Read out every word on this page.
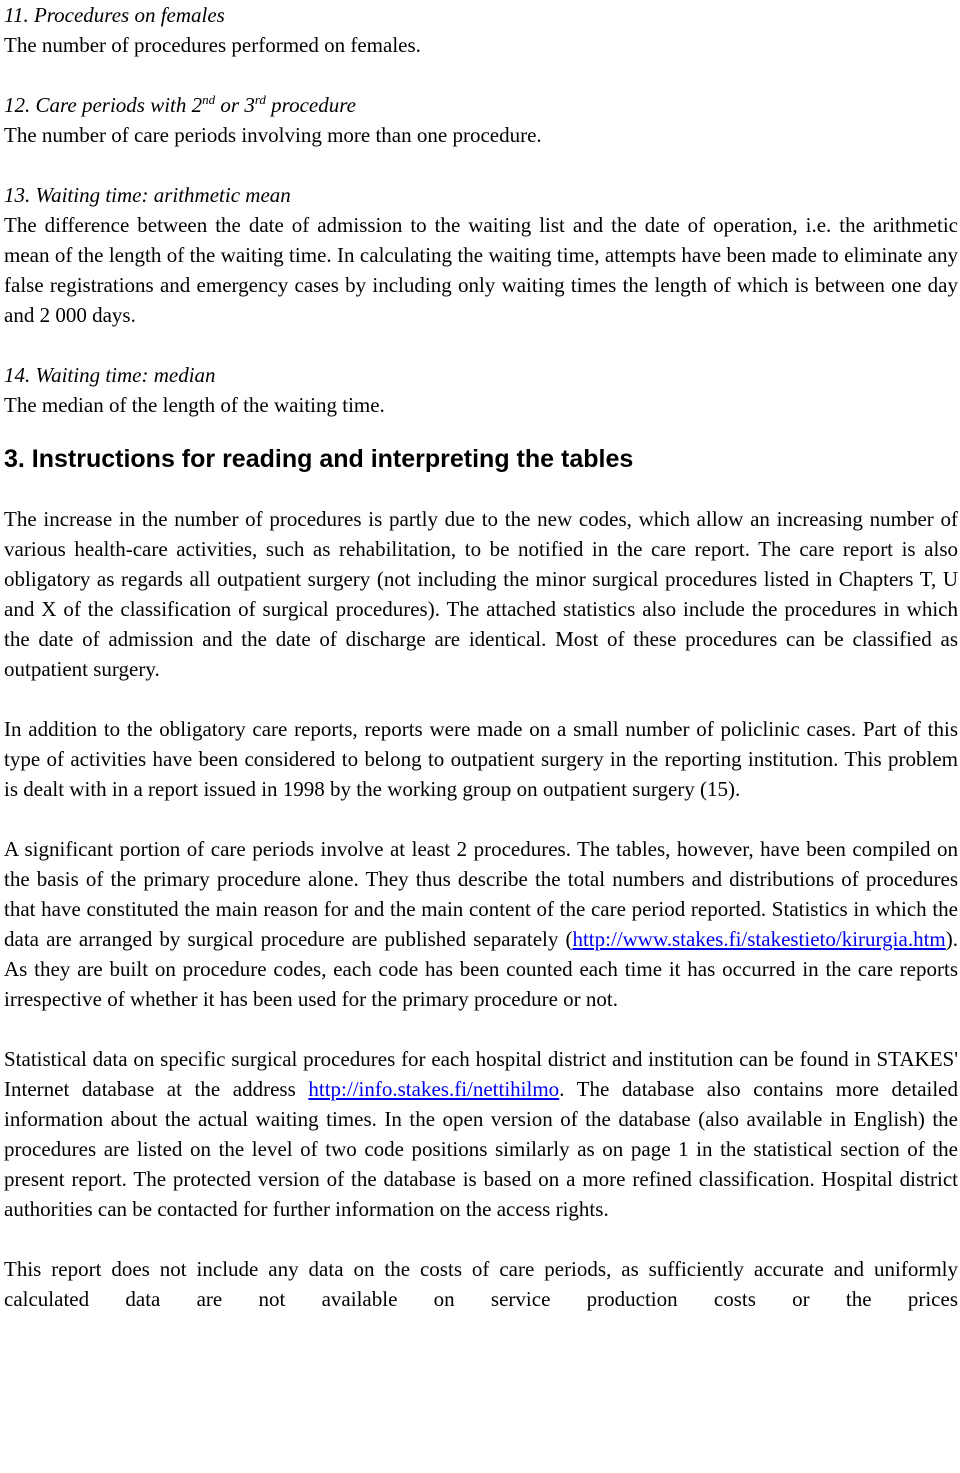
11. Procedures on females

The number of procedures performed on females.

12. Care periods with 2nd or 3rd procedure

The number of care periods involving more than one procedure.

13. Waiting time: arithmetic mean

The difference between the date of admission to the waiting list and the date of operation, i.e. the arithmetic mean of the length of the waiting time. In calculating the waiting time, attempts have been made to eliminate any false registrations and emergency cases by including only waiting times the length of which is between one day and 2 000 days.

14. Waiting time: median

The median of the length of the waiting time.

3. Instructions for reading and interpreting the tables

The increase in the number of procedures is partly due to the new codes, which allow an increasing number of various health-care activities, such as rehabilitation, to be notified in the care report. The care report is also obligatory as regards all outpatient surgery (not including the minor surgical procedures listed in Chapters T, U and X of the classification of surgical procedures). The attached statistics also include the procedures in which the date of admission and the date of discharge are identical. Most of these procedures can be classified as outpatient surgery.

In addition to the obligatory care reports, reports were made on a small number of policlinic cases. Part of this type of activities have been considered to belong to outpatient surgery in the reporting institution. This problem is dealt with in a report issued in 1998 by the working group on outpatient surgery (15).

A significant portion of care periods involve at least 2 procedures. The tables, however, have been compiled on the basis of the primary procedure alone. They thus describe the total numbers and distributions of procedures that have constituted the main reason for and the main content of the care period reported. Statistics in which the data are arranged by surgical procedure are published separately (http://www.stakes.fi/stakestieto/kirurgia.htm). As they are built on procedure codes, each code has been counted each time it has occurred in the care reports irrespective of whether it has been used for the primary procedure or not.

Statistical data on specific surgical procedures for each hospital district and institution can be found in STAKES' Internet database at the address http://info.stakes.fi/nettihilmo. The database also contains more detailed information about the actual waiting times. In the open version of the database (also available in English) the procedures are listed on the level of two code positions similarly as on page 1 in the statistical section of the present report. The protected version of the database is based on a more refined classification. Hospital district authorities can be contacted for further information on the access rights.

This report does not include any data on the costs of care periods, as sufficiently accurate and uniformly calculated data are not available on service production costs or the prices
